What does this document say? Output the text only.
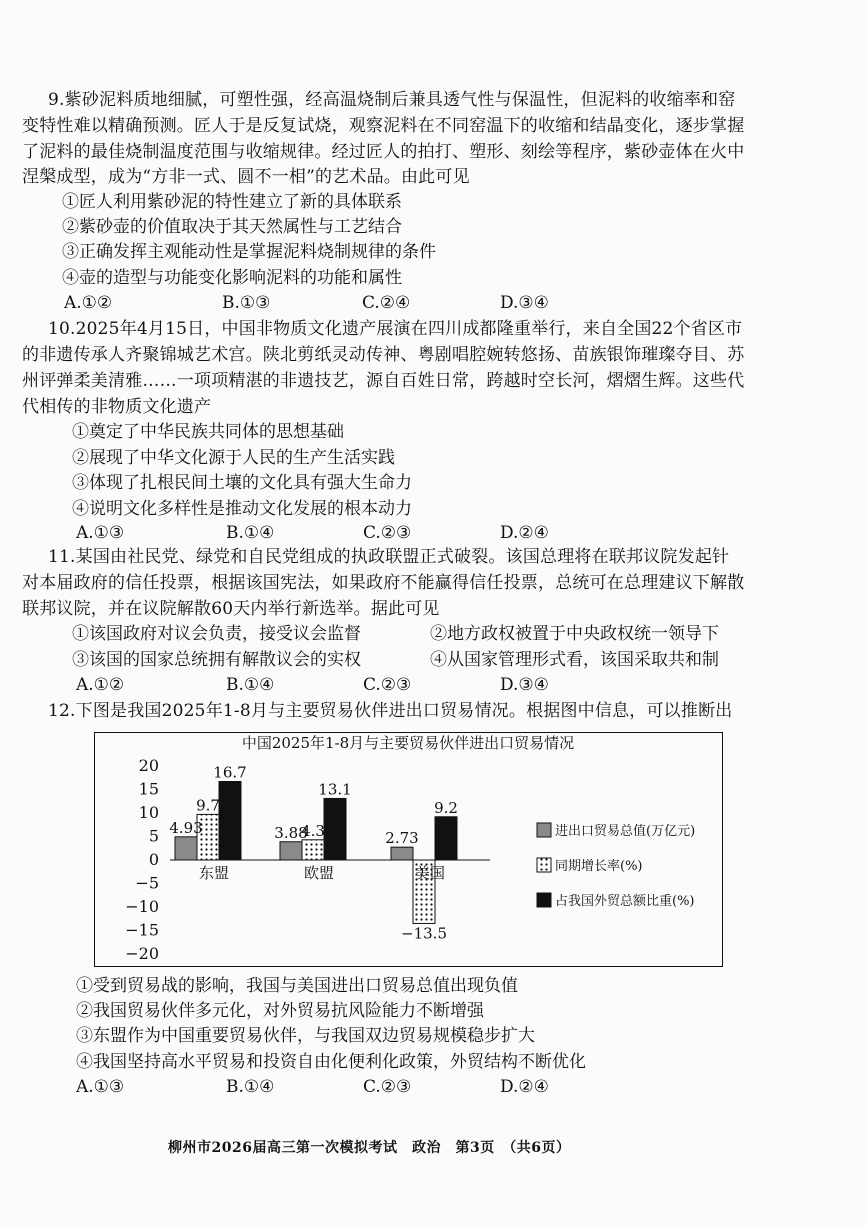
9.紫砂泥料质地细腻，可塑性强，经高温烧制后兼具透气性与保温性，但泥料的收缩率和窑
变特性难以精确预测。匠人于是反复试烧，观察泥料在不同窑温下的收缩和结晶变化，逐步掌握
了泥料的最佳烧制温度范围与收缩规律。经过匠人的拍打、塑形、刻绘等程序，紫砂壶体在火中
涅槃成型，成为“方非一式、圆不一相”的艺术品。由此可见
①匠人利用紫砂泥的特性建立了新的具体联系
②紫砂壶的价值取决于其天然属性与工艺结合
③正确发挥主观能动性是掌握泥料烧制规律的条件
④壶的造型与功能变化影响泥料的功能和属性
A.①②	B.①③	C.②④	D.③④
10.2025年4月15日，中国非物质文化遗产展演在四川成都隆重举行，来自全国22个省区市
的非遗传承人齐聚锦城艺术宫。陕北剪纸灵动传神、粤剧唱腔婉转悠扬、苗族银饰璀璨夺目、苏
州评弹柔美清雅……一项项精湛的非遗技艺，源自百姓日常，跨越时空长河，熠熠生辉。这些代
代相传的非物质文化遗产
①奠定了中华民族共同体的思想基础
②展现了中华文化源于人民的生产生活实践
③体现了扎根民间土壤的文化具有强大生命力
④说明文化多样性是推动文化发展的根本动力
A.①③	B.①④	C.②③	D.②④
11.某国由社民党、绿党和自民党组成的执政联盟正式破裂。该国总理将在联邦议院发起针
对本届政府的信任投票，根据该国宪法，如果政府不能赢得信任投票，总统可在总理建议下解散
联邦议院，并在议院解散60天内举行新选举。据此可见
①该国政府对议会负责，接受议会监督	②地方政权被置于中央政权统一领导下
③该国的国家总统拥有解散议会的实权	④从国家管理形式看，该国采取共和制
A.①②	B.①④	C.②③	D.③④
12.下图是我国2025年1-8月与主要贸易伙伴进出口贸易情况。根据图中信息，可以推断出
中国2025年1-8月与主要贸易伙伴进出口贸易情况
20
15
10
5
0
−5
−10
−15
−20
4.93
9.7
16.7
3.88
4.3
13.1
2.73
−13.5
9.2
东盟	欧盟	美国
进出口贸易总值(万亿元)
同期增长率(%)
占我国外贸总额比重(%)
①受到贸易战的影响，我国与美国进出口贸易总值出现负值
②我国贸易伙伴多元化，对外贸易抗风险能力不断增强
③东盟作为中国重要贸易伙伴，与我国双边贸易规模稳步扩大
④我国坚持高水平贸易和投资自由化便利化政策，外贸结构不断优化
A.①③	B.①④	C.②③	D.②④
柳州市2026届高三第一次模拟考试　政治　第3页　（共6页）
